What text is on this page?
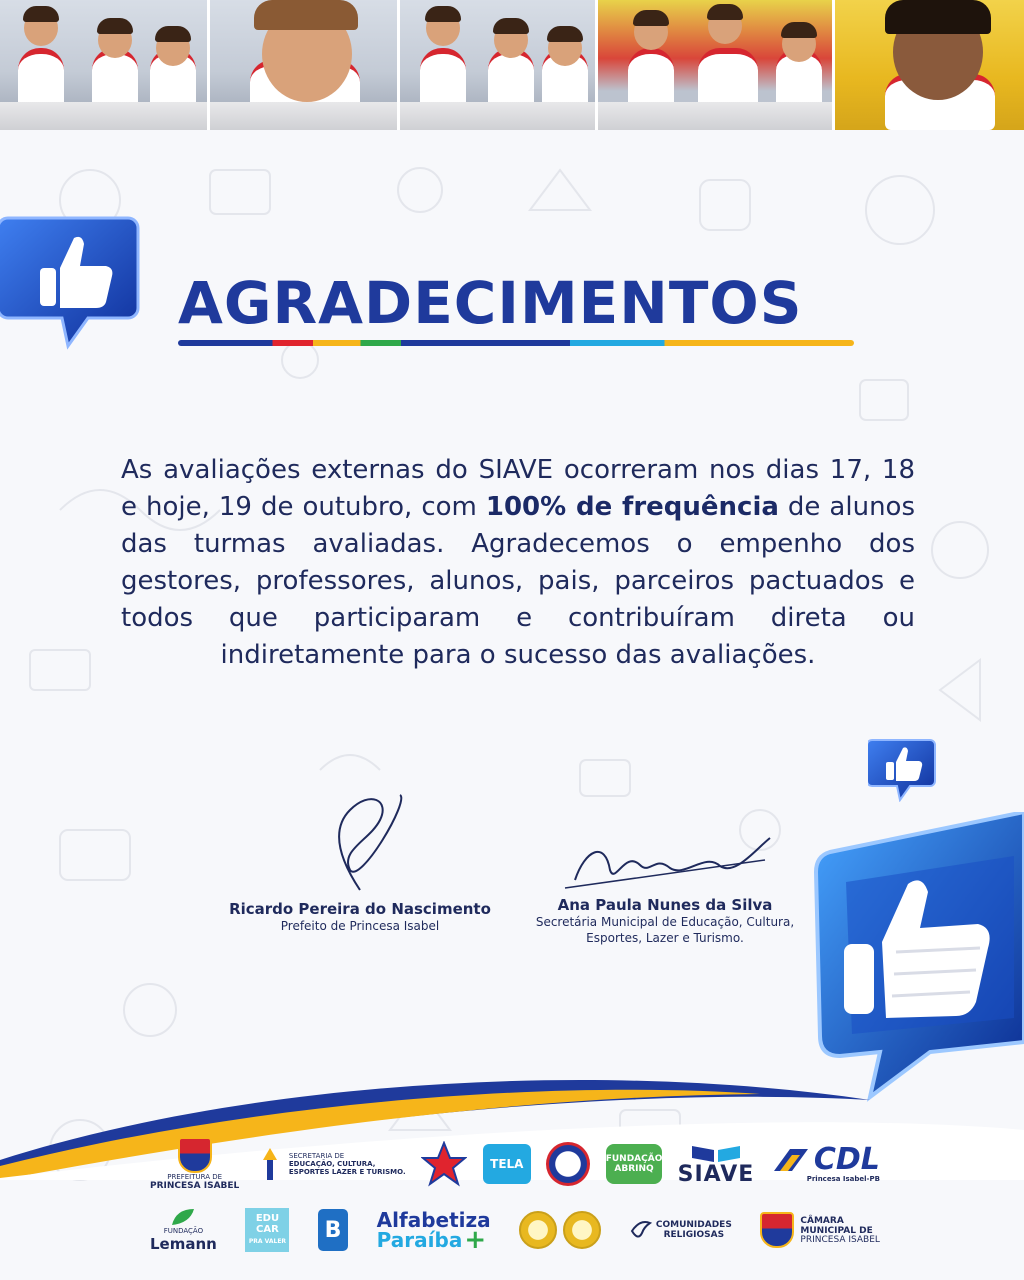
AGRADECIMENTOS
As avaliações externas do SIAVE ocorreram nos dias 17, 18 e hoje, 19 de outubro, com 100% de frequência de alunos das turmas avaliadas. Agradecemos o empenho dos gestores, professores, alunos, pais, parceiros pactuados e todos que participaram e contribuíram direta ou indiretamente para o sucesso das avaliações.
Ricardo Pereira do Nascimento
Prefeito de Princesa Isabel
Ana Paula Nunes da Silva
Secretária Municipal de Educação, Cultura,
Esportes, Lazer e Turismo.
PREFEITURA DE
PRINCESA ISABEL
SECRETARIA DE
EDUCAÇÃO, CULTURA,
ESPORTES LAZER E TURISMO.
TELA	FUNDAÇÃO
ABRINQ	SIAVE CDL
Princesa Isabel-PB
FUNDAÇÃO
Lemann
EDU
CAR
PRA VALER	B	Alfabetiza
Paraíba +	COMUNIDADES
RELIGIOSAS
CÂMARA
MUNICIPAL DE
PRINCESA ISABEL
